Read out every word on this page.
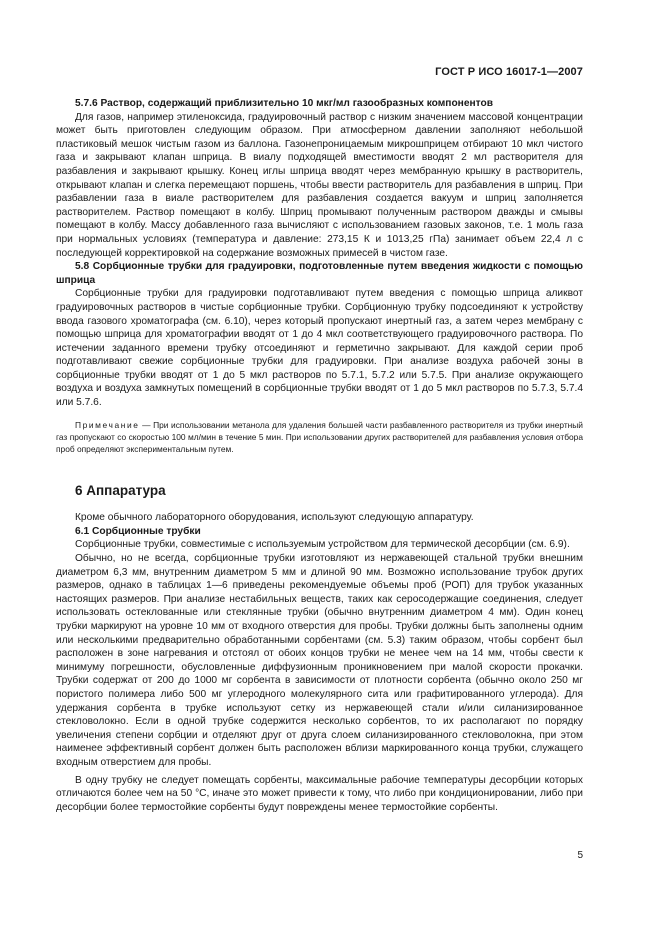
ГОСТ Р ИСО 16017-1—2007

5.7.6 Раствор, содержащий приблизительно 10 мкг/мл газообразных компонентов

Для газов, например этиленоксида, градуировочный раствор с низким значением массовой концентрации может быть приготовлен следующим образом. При атмосферном давлении заполняют небольшой пластиковый мешок чистым газом из баллона. Газонепроницаемым микрошприцем отбирают 10 мкл чистого газа и закрывают клапан шприца. В виалу подходящей вместимости вводят 2 мл растворителя для разбавления и закрывают крышку. Конец иглы шприца вводят через мембранную крышку в растворитель, открывают клапан и слегка перемещают поршень, чтобы ввести растворитель для разбавления в шприц. При разбавлении газа в виале растворителем для разбавления создается вакуум и шприц заполняется растворителем. Раствор помещают в колбу. Шприц промывают полученным раствором дважды и смывы помещают в колбу. Массу добавленного газа вычисляют с использованием газовых законов, т.е. 1 моль газа при нормальных условиях (температура и давление: 273,15 К и 1013,25 гПа) занимает объем 22,4 л с последующей корректировкой на содержание возможных примесей в чистом газе.

5.8 Сорбционные трубки для градуировки, подготовленные путем введения жидкости с помощью шприца

Сорбционные трубки для градуировки подготавливают путем введения с помощью шприца аликвот градуировочных растворов в чистые сорбционные трубки. Сорбционную трубку подсоединяют к устройству ввода газового хроматографа (см. 6.10), через который пропускают инертный газ, а затем через мембрану с помощью шприца для хроматографии вводят от 1 до 4 мкл соответствующего градуировочного раствора. По истечении заданного времени трубку отсоединяют и герметично закрывают. Для каждой серии проб подготавливают свежие сорбционные трубки для градуировки. При анализе воздуха рабочей зоны в сорбционные трубки вводят от 1 до 5 мкл растворов по 5.7.1, 5.7.2 или 5.7.5. При анализе окружающего воздуха и воздуха замкнутых помещений в сорбционные трубки вводят от 1 до 5 мкл растворов по 5.7.3, 5.7.4 или 5.7.6.

Примечание — При использовании метанола для удаления большей части разбавленного растворителя из трубки инертный газ пропускают со скоростью 100 мл/мин в течение 5 мин. При использовании других растворителей для разбавления условия отбора проб определяют экспериментальным путем.

6 Аппаратура

Кроме обычного лабораторного оборудования, используют следующую аппаратуру.

6.1 Сорбционные трубки

Сорбционные трубки, совместимые с используемым устройством для термической десорбции (см. 6.9).

Обычно, но не всегда, сорбционные трубки изготовляют из нержавеющей стальной трубки внешним диаметром 6,3 мм, внутренним диаметром 5 мм и длиной 90 мм. Возможно использование трубок других размеров, однако в таблицах 1—6 приведены рекомендуемые объемы проб (РОП) для трубок указанных настоящих размеров. При анализе нестабильных веществ, таких как серосодержащие соединения, следует использовать остеклованные или стеклянные трубки (обычно внутренним диаметром 4 мм). Один конец трубки маркируют на уровне 10 мм от входного отверстия для пробы. Трубки должны быть заполнены одним или несколькими предварительно обработанными сорбентами (см. 5.3) таким образом, чтобы сорбент был расположен в зоне нагревания и отстоял от обоих концов трубки не менее чем на 14 мм, чтобы свести к минимуму погрешности, обусловленные диффузионным проникновением при малой скорости прокачки. Трубки содержат от 200 до 1000 мг сорбента в зависимости от плотности сорбента (обычно около 250 мг пористого полимера либо 500 мг углеродного молекулярного сита или графитированного углерода). Для удержания сорбента в трубке используют сетку из нержавеющей стали и/или силанизированное стекловолокно. Если в одной трубке содержится несколько сорбентов, то их располагают по порядку увеличения степени сорбции и отделяют друг от друга слоем силанизированного стекловолокна, при этом наименее эффективный сорбент должен быть расположен вблизи маркированного конца трубки, служащего входным отверстием для пробы.

В одну трубку не следует помещать сорбенты, максимальные рабочие температуры десорбции которых отличаются более чем на 50 °С, иначе это может привести к тому, что либо при кондиционировании, либо при десорбции более термостойкие сорбенты будут повреждены менее термостойкие сорбенты.

5
